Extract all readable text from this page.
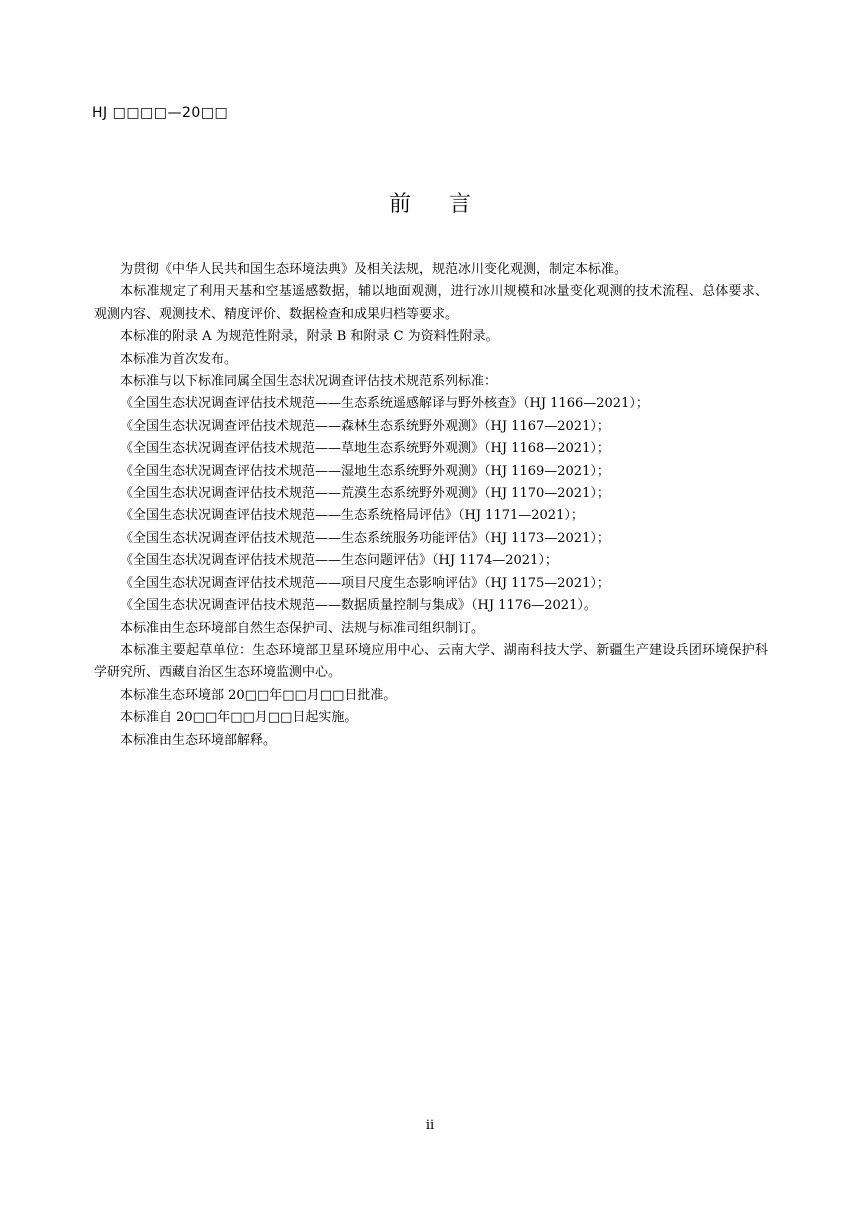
HJ □□□□—20□□
前言

为贯彻《中华人民共和国生态环境法典》及相关法规，规范冰川变化观测，制定本标准。

本标准规定了利用天基和空基遥感数据，辅以地面观测，进行冰川规模和冰量变化观测的技术流程、总体要求、观测内容、观测技术、精度评价、数据检查和成果归档等要求。

本标准的附录 A 为规范性附录，附录 B 和附录 C 为资料性附录。

本标准为首次发布。

本标准与以下标准同属全国生态状况调查评估技术规范系列标准：

《全国生态状况调查评估技术规范——生态系统遥感解译与野外核查》（HJ 1166—2021）；
《全国生态状况调查评估技术规范——森林生态系统野外观测》（HJ 1167—2021）；
《全国生态状况调查评估技术规范——草地生态系统野外观测》（HJ 1168—2021）；
《全国生态状况调查评估技术规范——湿地生态系统野外观测》（HJ 1169—2021）；
《全国生态状况调查评估技术规范——荒漠生态系统野外观测》（HJ 1170—2021）；
《全国生态状况调查评估技术规范——生态系统格局评估》（HJ 1171—2021）；
《全国生态状况调查评估技术规范——生态系统服务功能评估》（HJ 1173—2021）；
《全国生态状况调查评估技术规范——生态问题评估》（HJ 1174—2021）；
《全国生态状况调查评估技术规范——项目尺度生态影响评估》（HJ 1175—2021）；
《全国生态状况调查评估技术规范——数据质量控制与集成》（HJ 1176—2021）。

本标准由生态环境部自然生态保护司、法规与标准司组织制订。

本标准主要起草单位：生态环境部卫星环境应用中心、云南大学、湖南科技大学、新疆生产建设兵团环境保护科学研究所、西藏自治区生态环境监测中心。

本标准生态环境部 20□□年□□月□□日批准。

本标准自 20□□年□□月□□日起实施。

本标准由生态环境部解释。

ii
